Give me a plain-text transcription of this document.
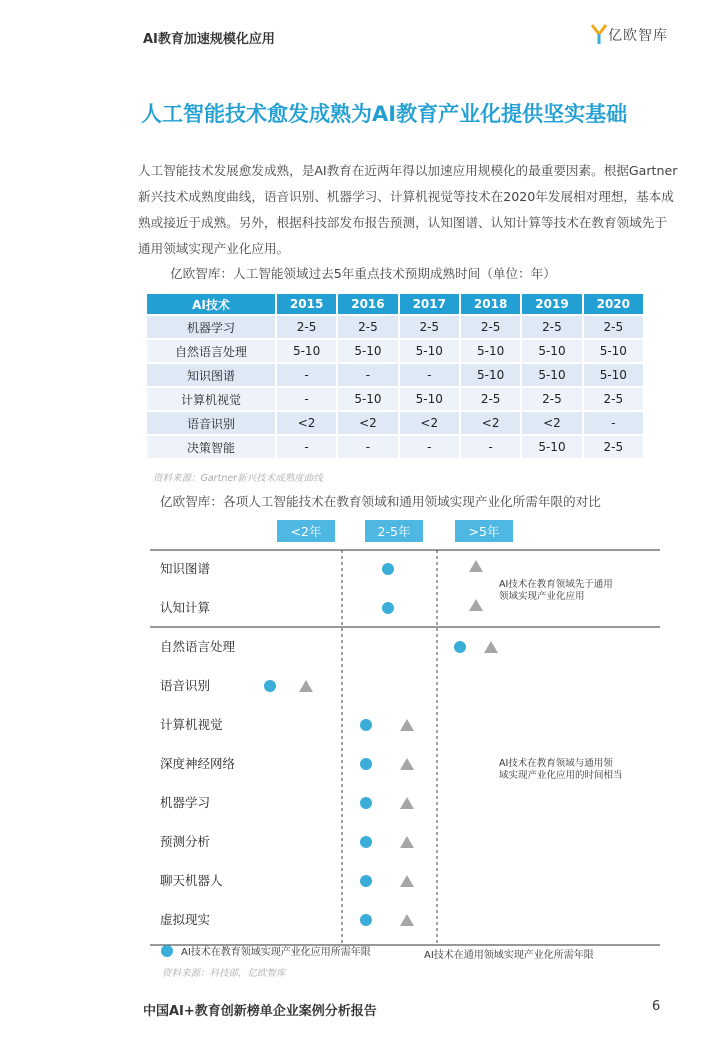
AI教育加速规模化应用	亿欧智库
人工智能技术愈发成熟为AI教育产业化提供坚实基础
人工智能技术发展愈发成熟，是AI教育在近两年得以加速应用规模化的最重要因素。根据Gartner新兴技术成熟度曲线，语音识别、机器学习、计算机视觉等技术在2020年发展相对理想，基本成熟或接近于成熟。另外，根据科技部发布报告预测，认知图谱、认知计算等技术在教育领域先于通用领域实现产业化应用。
亿欧智库：人工智能领域过去5年重点技术预期成熟时间（单位：年）
AI技术	2015	2016	2017	2018	2019	2020
机器学习	2-5	2-5	2-5	2-5	2-5	2-5
自然语言处理	5-10	5-10	5-10	5-10	5-10	5-10
知识图谱	-	-	-	5-10	5-10	5-10
计算机视觉	-	5-10	5-10	2-5	2-5	2-5
语音识别	<2	<2	<2	<2	<2	-
决策智能	-	-	-	-	5-10	2-5
资料来源：Gartner新兴技术成熟度曲线
亿欧智库：各项人工智能技术在教育领域和通用领域实现产业化所需年限的对比
<2年	2-5年	>5年
知识图谱
认知计算
自然语言处理
语音识别
计算机视觉
深度神经网络
机器学习
预测分析
聊天机器人
虚拟现实
AI技术在教育领域先于通用领域实现产业化应用
AI技术在教育领域与通用领域实现产业化应用的时间相当
AI技术在教育领域实现产业化应用所需年限	AI技术在通用领域实现产业化所需年限
资料来源：科技部，亿欧智库
中国AI+教育创新榜单企业案例分析报告	6
